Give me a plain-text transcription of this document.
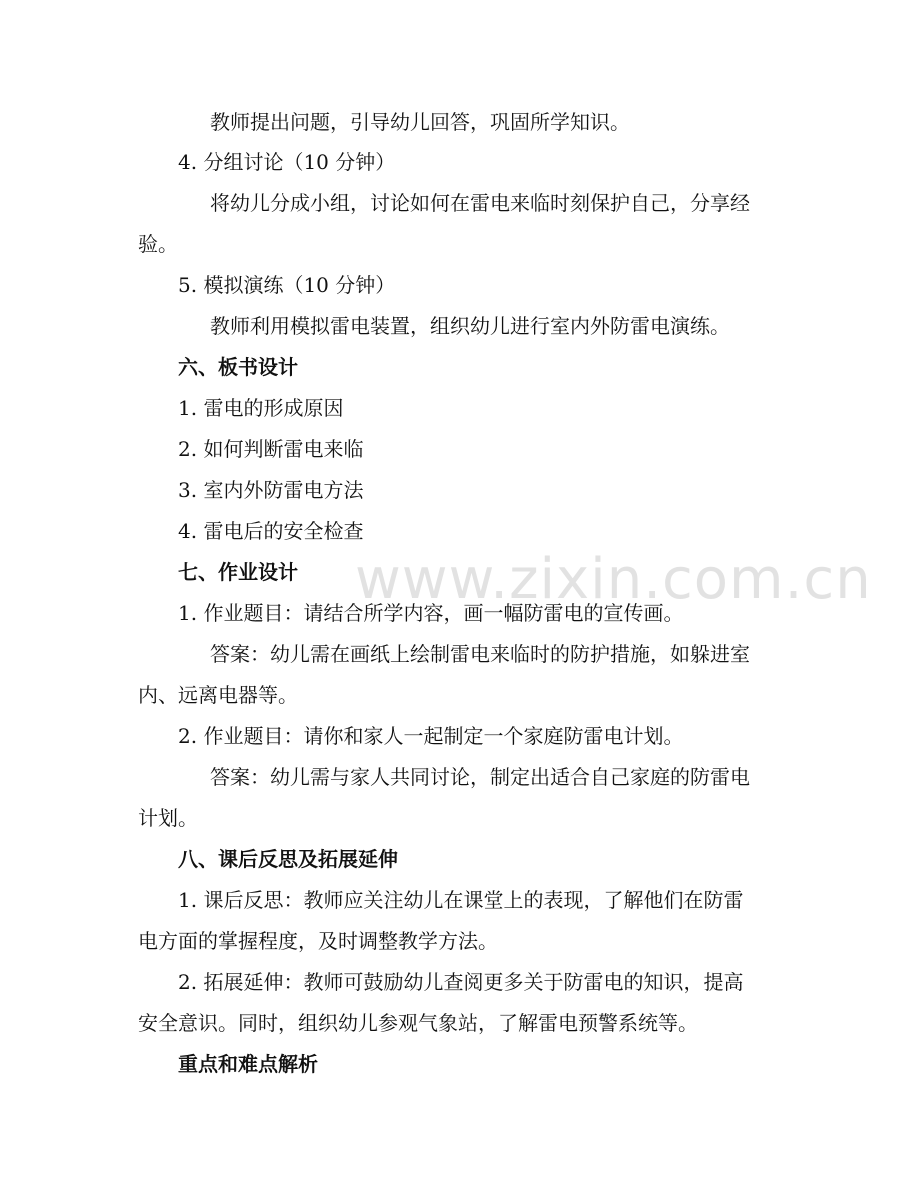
教师提出问题，引导幼儿回答，巩固所学知识。
4. 分组讨论（10 分钟）
将幼儿分成小组，讨论如何在雷电来临时刻保护自己，分享经
验。
5. 模拟演练（10 分钟）
教师利用模拟雷电装置，组织幼儿进行室内外防雷电演练。
六、板书设计
1. 雷电的形成原因
2. 如何判断雷电来临
3. 室内外防雷电方法
4. 雷电后的安全检查
七、作业设计
1. 作业题目：请结合所学内容，画一幅防雷电的宣传画。
答案：幼儿需在画纸上绘制雷电来临时的防护措施，如躲进室
内、远离电器等。
2. 作业题目：请你和家人一起制定一个家庭防雷电计划。
答案：幼儿需与家人共同讨论，制定出适合自己家庭的防雷电
计划。
八、课后反思及拓展延伸
1. 课后反思：教师应关注幼儿在课堂上的表现，了解他们在防雷
电方面的掌握程度，及时调整教学方法。
2. 拓展延伸：教师可鼓励幼儿查阅更多关于防雷电的知识，提高
安全意识。同时，组织幼儿参观气象站，了解雷电预警系统等。
重点和难点解析
www.zixin.com.cn
